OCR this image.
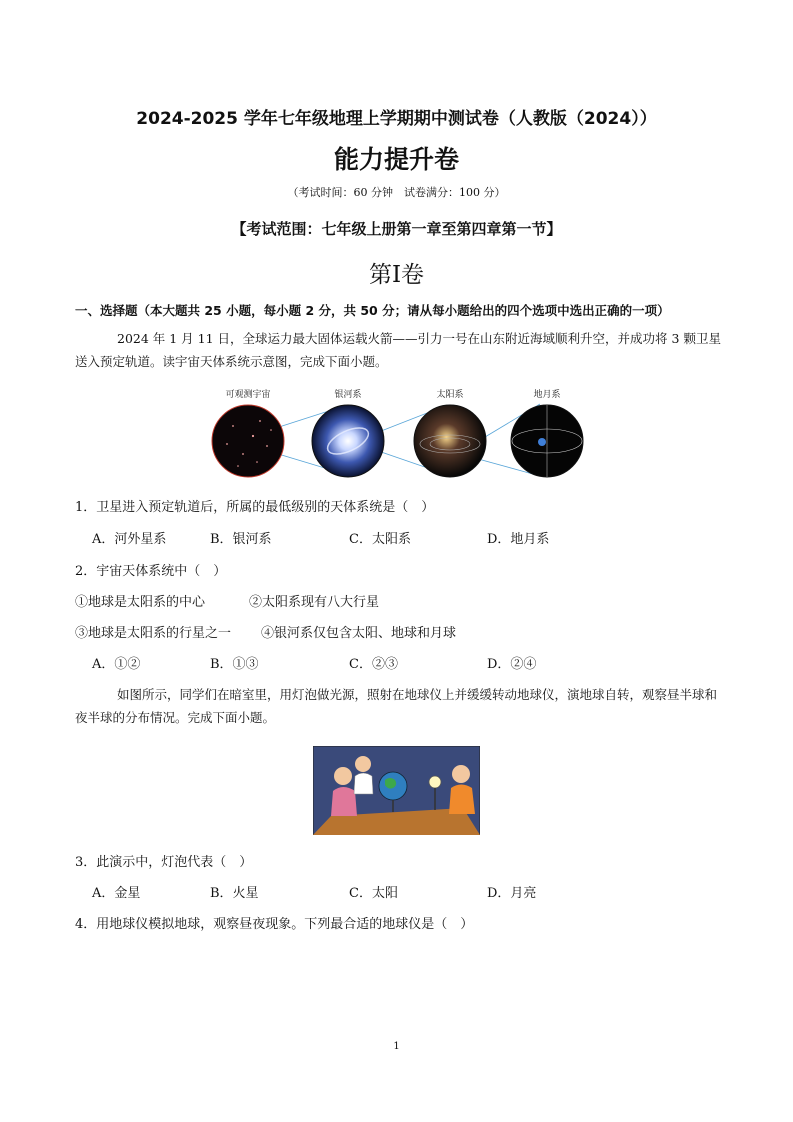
2024-2025 学年七年级地理上学期期中测试卷（人教版（2024））
能力提升卷
（考试时间：60 分钟　试卷满分：100 分）
【考试范围：七年级上册第一章至第四章第一节】
第I卷
一、选择题（本大题共 25 小题，每小题 2 分，共 50 分；请从每小题给出的四个选项中选出正确的一项）
2024 年 1 月 11 日，全球运力最大固体运载火箭——引力一号在山东附近海域顺利升空，并成功将 3 颗卫星送入预定轨道。读宇宙天体系统示意图，完成下面小题。
可观测宇宙	银河系	太阳系	地月系
1．卫星进入预定轨道后，所属的最低级别的天体系统是（　）
A．河外星系	B．银河系	C．太阳系	D．地月系
2．宇宙天体系统中（　）
①地球是太阳系的中心	②太阳系现有八大行星
③地球是太阳系的行星之一 ④银河系仅包含太阳、地球和月球
A．①②	B．①③	C．②③	D．②④
如图所示，同学们在暗室里，用灯泡做光源，照射在地球仪上并缓缓转动地球仪，演地球自转，观察昼半球和夜半球的分布情况。完成下面小题。
3．此演示中，灯泡代表（　）
A．金星	B．火星	C．太阳	D．月亮
4．用地球仪模拟地球，观察昼夜现象。下列最合适的地球仪是（　）
1
